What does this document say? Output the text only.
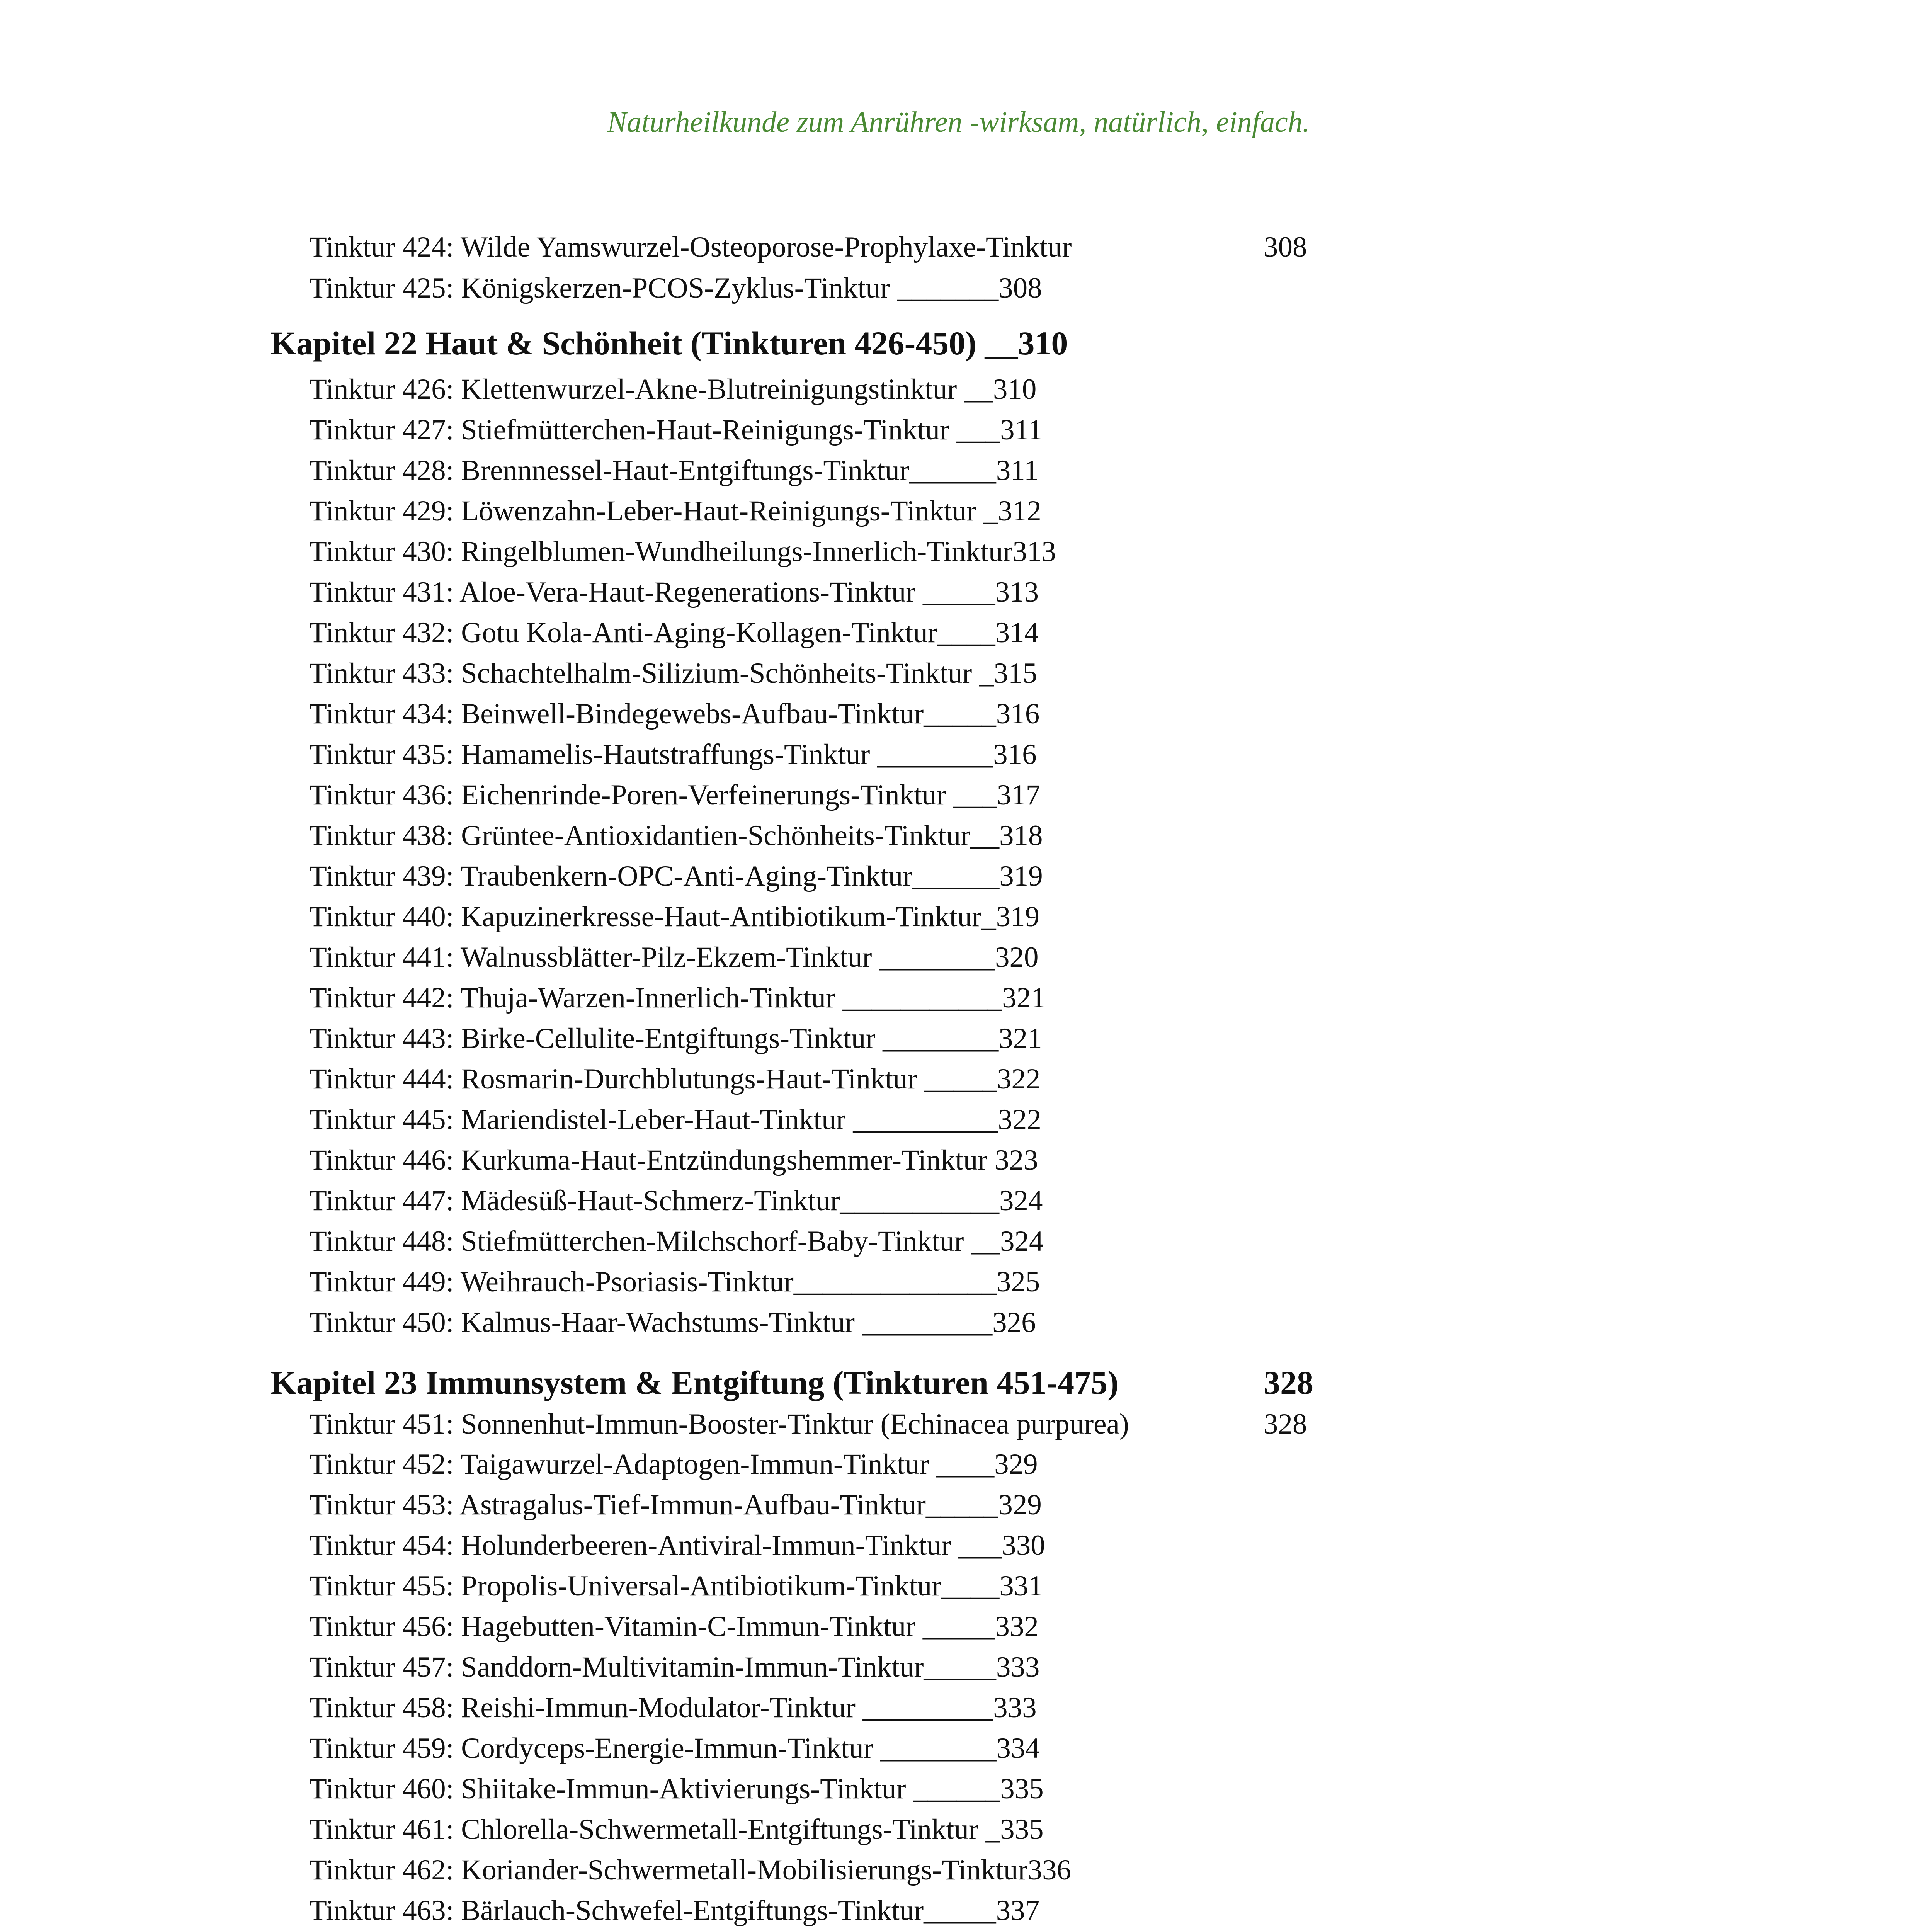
Naturheilkunde zum Anrühren -wirksam, natürlich, einfach.
Tinktur 424: Wilde Yamswurzel-Osteoporose-Prophylaxe-Tinktur	308
Tinktur 425: Königskerzen-PCOS-Zyklus-Tinktur _______308
Kapitel 22 Haut & Schönheit (Tinkturen 426-450) __310
Tinktur 426: Klettenwurzel-Akne-Blutreinigungstinktur __310
Tinktur 427: Stiefmütterchen-Haut-Reinigungs-Tinktur ___311
Tinktur 428: Brennnessel-Haut-Entgiftungs-Tinktur______311
Tinktur 429: Löwenzahn-Leber-Haut-Reinigungs-Tinktur _312
Tinktur 430: Ringelblumen-Wundheilungs-Innerlich-Tinktur313
Tinktur 431: Aloe-Vera-Haut-Regenerations-Tinktur _____313
Tinktur 432: Gotu Kola-Anti-Aging-Kollagen-Tinktur____314
Tinktur 433: Schachtelhalm-Silizium-Schönheits-Tinktur _315
Tinktur 434: Beinwell-Bindegewebs-Aufbau-Tinktur_____316
Tinktur 435: Hamamelis-Hautstraffungs-Tinktur ________316
Tinktur 436: Eichenrinde-Poren-Verfeinerungs-Tinktur ___317
Tinktur 438: Grüntee-Antioxidantien-Schönheits-Tinktur__318
Tinktur 439: Traubenkern-OPC-Anti-Aging-Tinktur______319
Tinktur 440: Kapuzinerkresse-Haut-Antibiotikum-Tinktur_319
Tinktur 441: Walnussblätter-Pilz-Ekzem-Tinktur ________320
Tinktur 442: Thuja-Warzen-Innerlich-Tinktur ___________321
Tinktur 443: Birke-Cellulite-Entgiftungs-Tinktur ________321
Tinktur 444: Rosmarin-Durchblutungs-Haut-Tinktur _____322
Tinktur 445: Mariendistel-Leber-Haut-Tinktur __________322
Tinktur 446: Kurkuma-Haut-Entzündungshemmer-Tinktur 323
Tinktur 447: Mädesüß-Haut-Schmerz-Tinktur___________324
Tinktur 448: Stiefmütterchen-Milchschorf-Baby-Tinktur __324
Tinktur 449: Weihrauch-Psoriasis-Tinktur______________325
Tinktur 450: Kalmus-Haar-Wachstums-Tinktur _________326
Kapitel 23 Immunsystem & Entgiftung (Tinkturen 451-475)	328
Tinktur 451: Sonnenhut-Immun-Booster-Tinktur (Echinacea purpurea)	328
Tinktur 452: Taigawurzel-Adaptogen-Immun-Tinktur ____329
Tinktur 453: Astragalus-Tief-Immun-Aufbau-Tinktur_____329
Tinktur 454: Holunderbeeren-Antiviral-Immun-Tinktur ___330
Tinktur 455: Propolis-Universal-Antibiotikum-Tinktur____331
Tinktur 456: Hagebutten-Vitamin-C-Immun-Tinktur _____332
Tinktur 457: Sanddorn-Multivitamin-Immun-Tinktur_____333
Tinktur 458: Reishi-Immun-Modulator-Tinktur _________333
Tinktur 459: Cordyceps-Energie-Immun-Tinktur ________334
Tinktur 460: Shiitake-Immun-Aktivierungs-Tinktur ______335
Tinktur 461: Chlorella-Schwermetall-Entgiftungs-Tinktur _335
Tinktur 462: Koriander-Schwermetall-Mobilisierungs-Tinktur336
Tinktur 463: Bärlauch-Schwefel-Entgiftungs-Tinktur_____337
